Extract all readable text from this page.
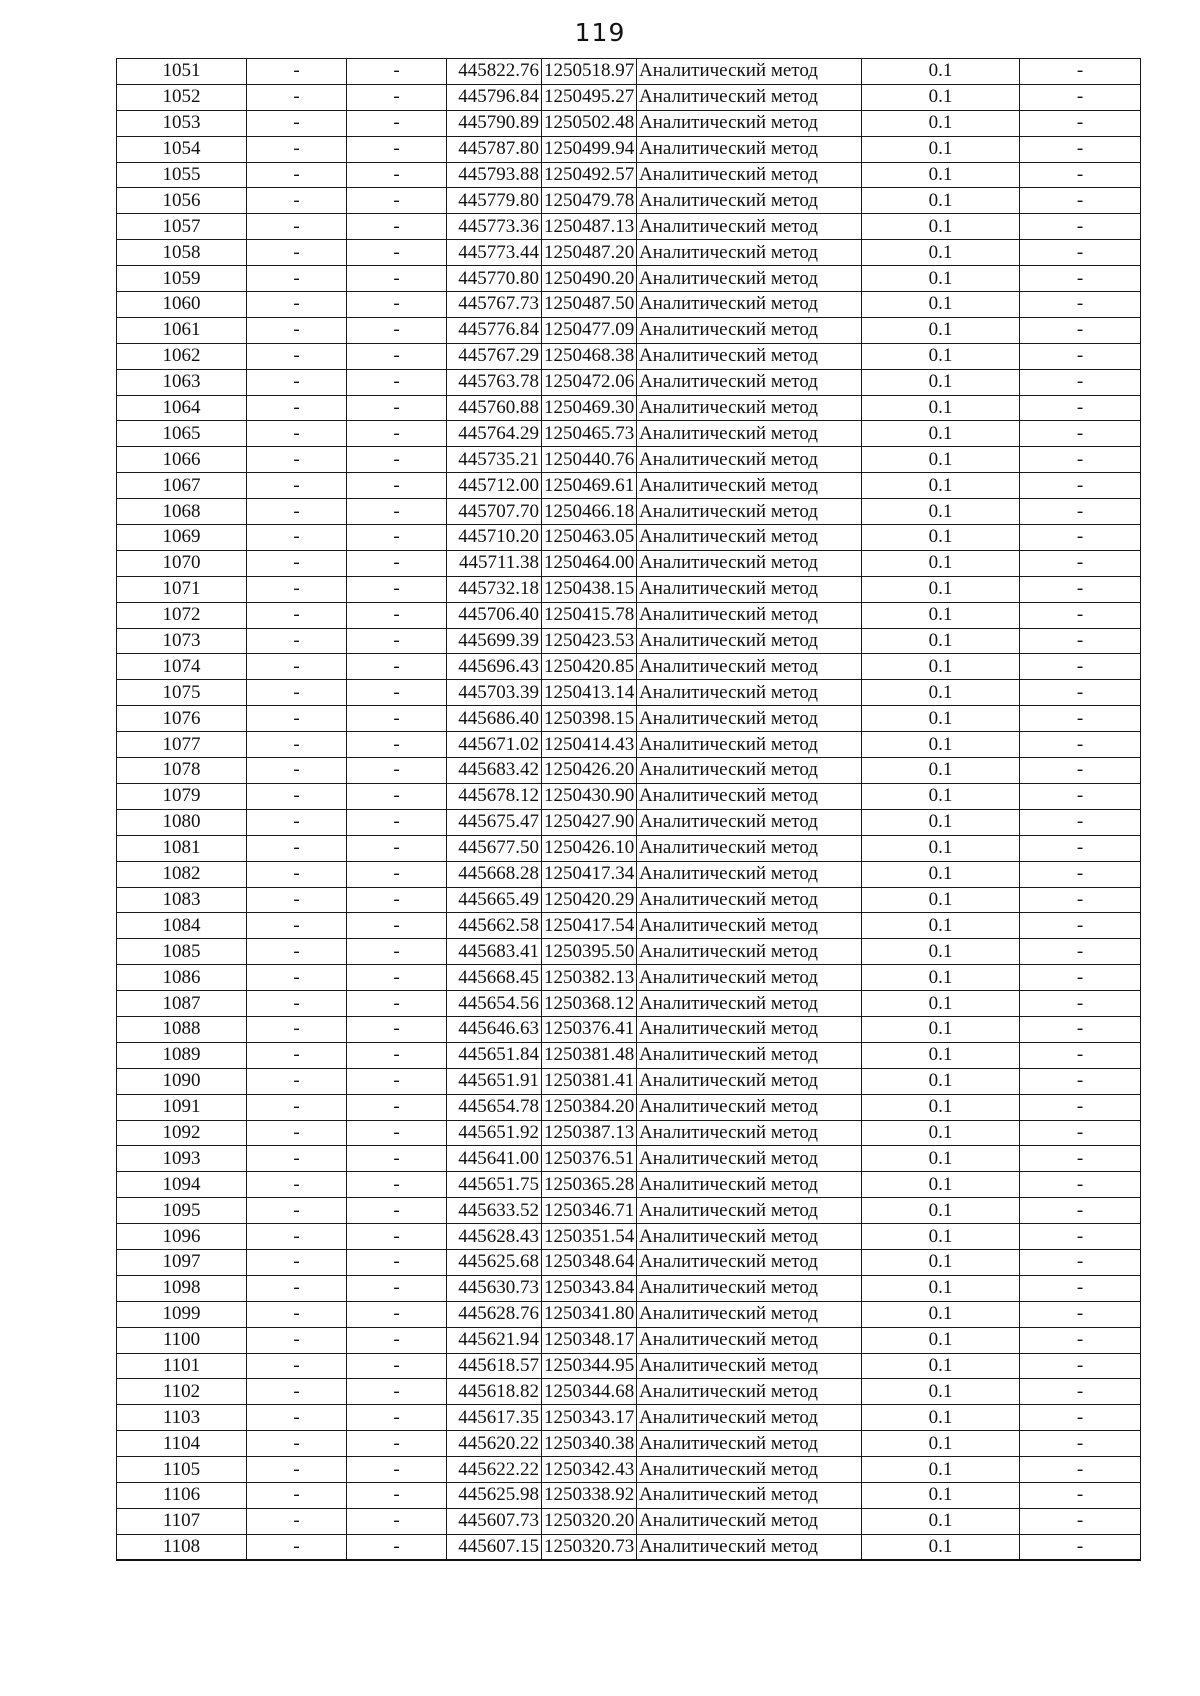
119
1051	-	-	445822.76	1250518.97	Аналитический метод	0.1	-
1052	-	-	445796.84	1250495.27	Аналитический метод	0.1	-
1053	-	-	445790.89	1250502.48	Аналитический метод	0.1	-
1054	-	-	445787.80	1250499.94	Аналитический метод	0.1	-
1055	-	-	445793.88	1250492.57	Аналитический метод	0.1	-
1056	-	-	445779.80	1250479.78	Аналитический метод	0.1	-
1057	-	-	445773.36	1250487.13	Аналитический метод	0.1	-
1058	-	-	445773.44	1250487.20	Аналитический метод	0.1	-
1059	-	-	445770.80	1250490.20	Аналитический метод	0.1	-
1060	-	-	445767.73	1250487.50	Аналитический метод	0.1	-
1061	-	-	445776.84	1250477.09	Аналитический метод	0.1	-
1062	-	-	445767.29	1250468.38	Аналитический метод	0.1	-
1063	-	-	445763.78	1250472.06	Аналитический метод	0.1	-
1064	-	-	445760.88	1250469.30	Аналитический метод	0.1	-
1065	-	-	445764.29	1250465.73	Аналитический метод	0.1	-
1066	-	-	445735.21	1250440.76	Аналитический метод	0.1	-
1067	-	-	445712.00	1250469.61	Аналитический метод	0.1	-
1068	-	-	445707.70	1250466.18	Аналитический метод	0.1	-
1069	-	-	445710.20	1250463.05	Аналитический метод	0.1	-
1070	-	-	445711.38	1250464.00	Аналитический метод	0.1	-
1071	-	-	445732.18	1250438.15	Аналитический метод	0.1	-
1072	-	-	445706.40	1250415.78	Аналитический метод	0.1	-
1073	-	-	445699.39	1250423.53	Аналитический метод	0.1	-
1074	-	-	445696.43	1250420.85	Аналитический метод	0.1	-
1075	-	-	445703.39	1250413.14	Аналитический метод	0.1	-
1076	-	-	445686.40	1250398.15	Аналитический метод	0.1	-
1077	-	-	445671.02	1250414.43	Аналитический метод	0.1	-
1078	-	-	445683.42	1250426.20	Аналитический метод	0.1	-
1079	-	-	445678.12	1250430.90	Аналитический метод	0.1	-
1080	-	-	445675.47	1250427.90	Аналитический метод	0.1	-
1081	-	-	445677.50	1250426.10	Аналитический метод	0.1	-
1082	-	-	445668.28	1250417.34	Аналитический метод	0.1	-
1083	-	-	445665.49	1250420.29	Аналитический метод	0.1	-
1084	-	-	445662.58	1250417.54	Аналитический метод	0.1	-
1085	-	-	445683.41	1250395.50	Аналитический метод	0.1	-
1086	-	-	445668.45	1250382.13	Аналитический метод	0.1	-
1087	-	-	445654.56	1250368.12	Аналитический метод	0.1	-
1088	-	-	445646.63	1250376.41	Аналитический метод	0.1	-
1089	-	-	445651.84	1250381.48	Аналитический метод	0.1	-
1090	-	-	445651.91	1250381.41	Аналитический метод	0.1	-
1091	-	-	445654.78	1250384.20	Аналитический метод	0.1	-
1092	-	-	445651.92	1250387.13	Аналитический метод	0.1	-
1093	-	-	445641.00	1250376.51	Аналитический метод	0.1	-
1094	-	-	445651.75	1250365.28	Аналитический метод	0.1	-
1095	-	-	445633.52	1250346.71	Аналитический метод	0.1	-
1096	-	-	445628.43	1250351.54	Аналитический метод	0.1	-
1097	-	-	445625.68	1250348.64	Аналитический метод	0.1	-
1098	-	-	445630.73	1250343.84	Аналитический метод	0.1	-
1099	-	-	445628.76	1250341.80	Аналитический метод	0.1	-
1100	-	-	445621.94	1250348.17	Аналитический метод	0.1	-
1101	-	-	445618.57	1250344.95	Аналитический метод	0.1	-
1102	-	-	445618.82	1250344.68	Аналитический метод	0.1	-
1103	-	-	445617.35	1250343.17	Аналитический метод	0.1	-
1104	-	-	445620.22	1250340.38	Аналитический метод	0.1	-
1105	-	-	445622.22	1250342.43	Аналитический метод	0.1	-
1106	-	-	445625.98	1250338.92	Аналитический метод	0.1	-
1107	-	-	445607.73	1250320.20	Аналитический метод	0.1	-
1108	-	-	445607.15	1250320.73	Аналитический метод	0.1	-
